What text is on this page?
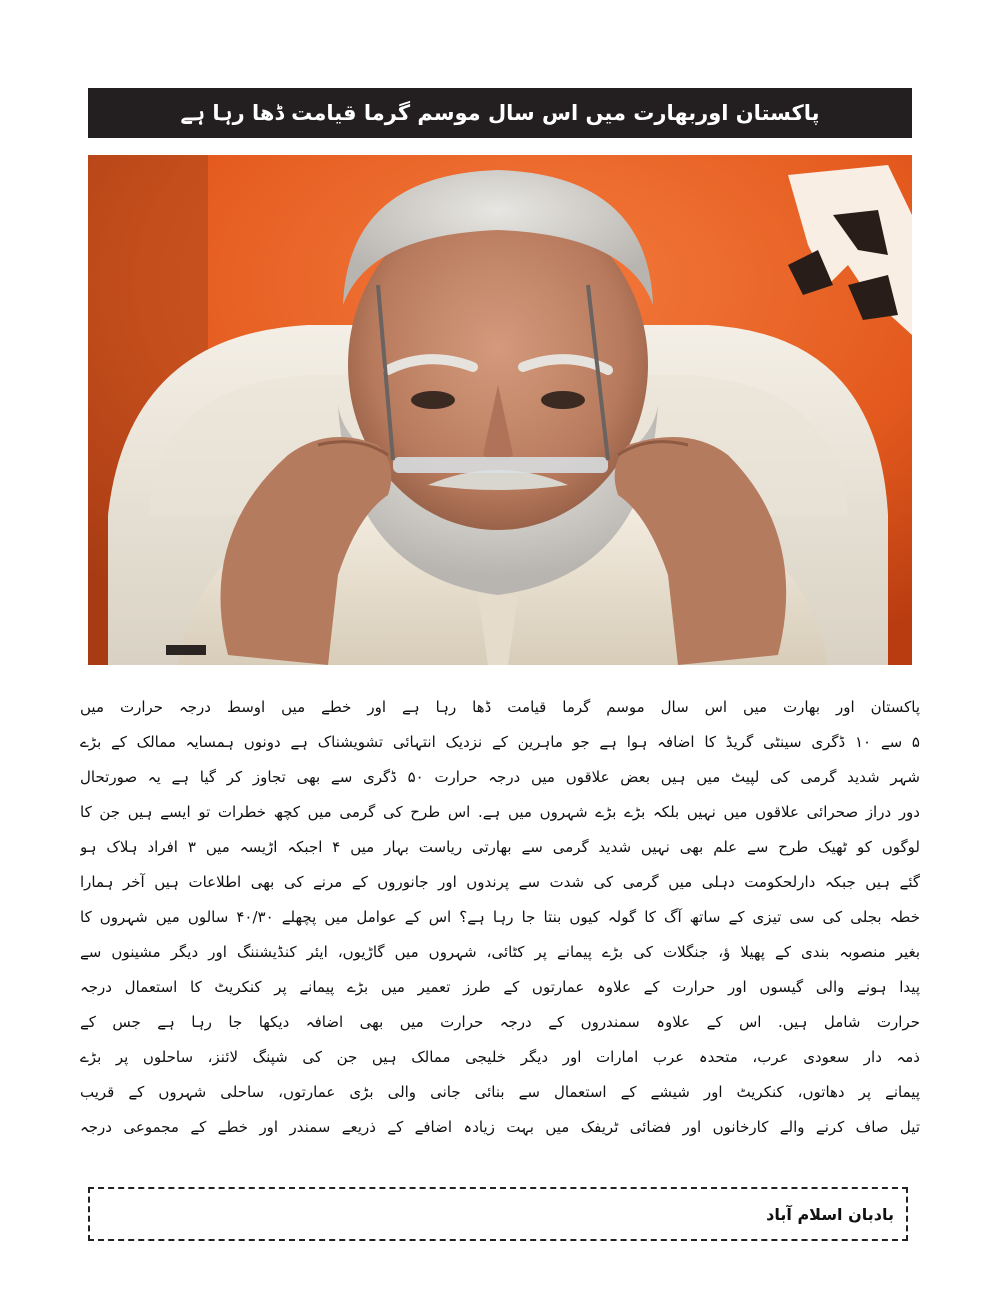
پاکستان اوربھارت میں اس سال موسم گرما قیامت ڈھا رہا ہے
پاکستان اور بھارت میں اس سال موسم گرما قیامت ڈھا رہا ہے اور خطے میں اوسط درجہ حرارت میں
۵ سے ۱۰ ڈگری سینٹی گریڈ کا اضافہ ہوا ہے جو ماہرین کے نزدیک انتہائی تشویشناک ہے دونوں ہمسایہ ممالک کے بڑے
شہر شدید گرمی کی لپیٹ میں ہیں بعض علاقوں میں درجہ حرارت ۵۰ ڈگری سے بھی تجاوز کر گیا ہے یہ صورتحال
دور دراز صحرائی علاقوں میں نہیں بلکہ بڑے بڑے شہروں میں ہے. اس طرح کی گرمی میں کچھ خطرات تو ایسے ہیں جن کا
لوگوں کو ٹھیک طرح سے علم بھی نہیں شدید گرمی سے بھارتی ریاست بہار میں ۴ اجبکہ اڑیسہ میں ۳ افراد ہلاک ہو
گئے ہیں جبکہ دارلحکومت دہلی میں گرمی کی شدت سے پرندوں اور جانوروں کے مرنے کی بھی اطلاعات ہیں آخر ہمارا
خطہ بجلی کی سی تیزی کے ساتھ آگ کا گولہ کیوں بنتا جا رہا ہے؟ اس کے عوامل میں پچھلے ۴۰/۳۰ سالوں میں شہروں کا
بغیر منصوبہ بندی کے پھیلا ؤ، جنگلات کی بڑے پیمانے پر کٹائی، شہروں میں گاڑیوں، ایئر کنڈیشننگ اور دیگر مشینوں سے
پیدا ہونے والی گیسوں اور حرارت کے علاوہ عمارتوں کے طرز تعمیر میں بڑے پیمانے پر کنکریٹ کا استعمال درجہ
حرارت شامل ہیں. اس کے علاوہ سمندروں کے درجہ حرارت میں بھی اضافہ دیکھا جا رہا ہے جس کے
ذمہ دار سعودی عرب، متحدہ عرب امارات اور دیگر خلیجی ممالک ہیں جن کی شپنگ لائنز، ساحلوں پر بڑے
پیمانے پر دھاتوں، کنکریٹ اور شیشے کے استعمال سے بنائی جانی والی بڑی عمارتوں، ساحلی شہروں کے قریب
تیل صاف کرنے والے کارخانوں اور فضائی ٹریفک میں بہت زیادہ اضافے کے ذریعے سمندر اور خطے کے مجموعی درجہ
بادبان اسلام آباد
